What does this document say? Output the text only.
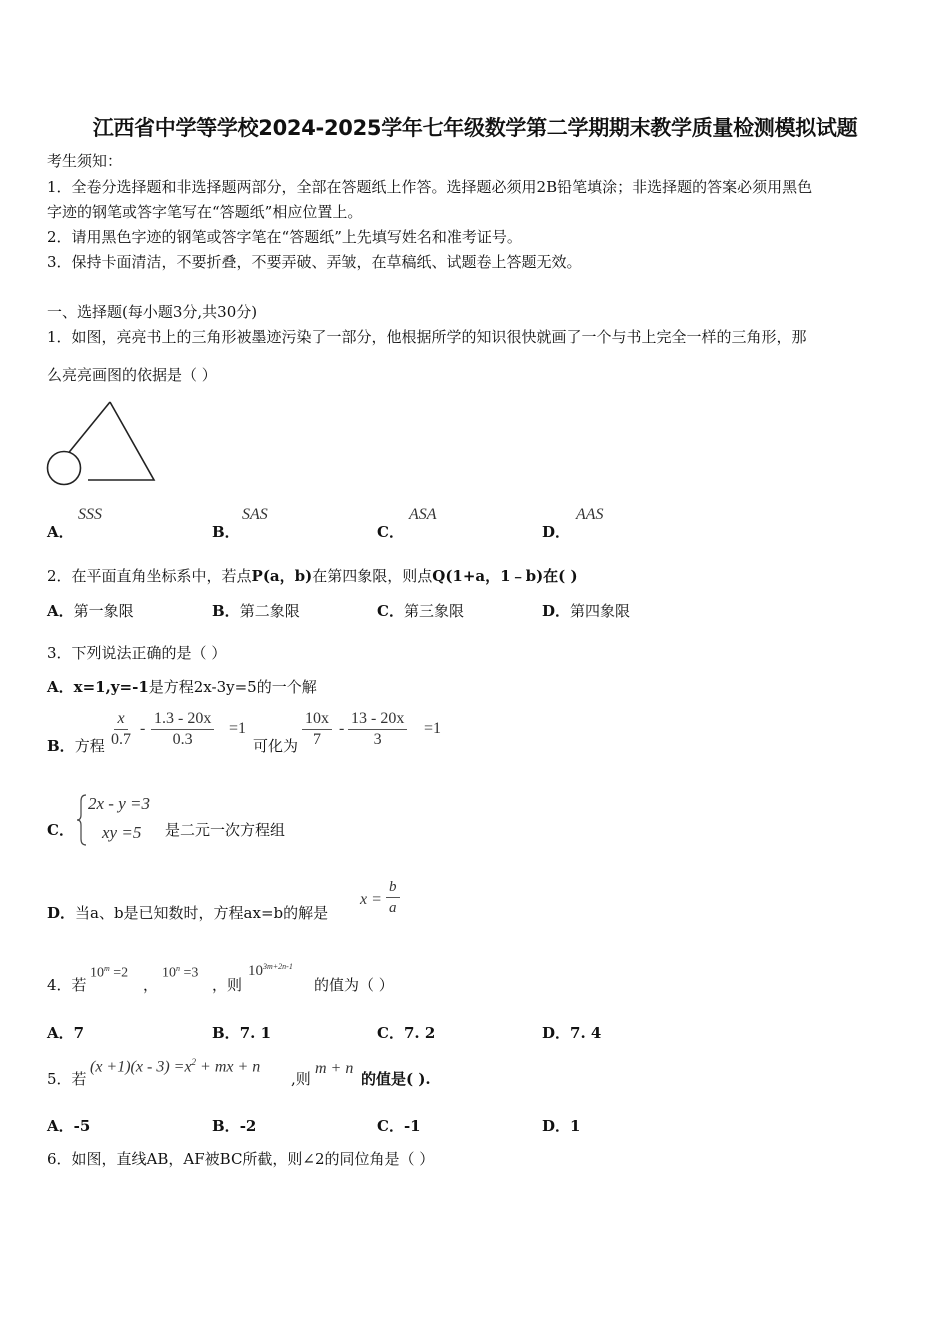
江西省中学等学校2024-2025学年七年级数学第二学期期末教学质量检测模拟试题
考生须知：
1．全卷分选择题和非选择题两部分，全部在答题纸上作答。选择题必须用2B铅笔填涂；非选择题的答案必须用黑色
字迹的钢笔或答字笔写在“答题纸”相应位置上。
2．请用黑色字迹的钢笔或答字笔在“答题纸”上先填写姓名和准考证号。
3．保持卡面清洁，不要折叠，不要弄破、弄皱，在草稿纸、试题卷上答题无效。
一、选择题(每小题3分,共30分)
1．如图，亮亮书上的三角形被墨迹污染了一部分，他根据所学的知识很快就画了一个与书上完全一样的三角形，那
么亮亮画图的依据是（ ）
A．
SSS
B．
SAS
C．
ASA
D．
AAS
2．在平面直角坐标系中，若点P(a，b)在第四象限，则点Q(1+a，1﹣b)在( )
A．第一象限	B．第二象限	C．第三象限	D．第四象限
3．下列说法正确的是（ ）
A．x=1,y=-1是方程2x-3y=5的一个解
B．方程 $\frac{x}{0.7} - \frac{1.3 - 20x}{0.3} =1$
可化为 $\frac{10x}{7} - \frac{13 - 20x}{3} =1$
C．
2x - y =3
xy =5 是二元一次方程组
D．当a、b是已知数时，方程ax=b的解是
$x = \frac{b}{a}$
4．若
$10^m =2$
，
$10^n =3$
，则
$10^{3m+2n-1}$
的值为（ ）
A．7	B．7. 1	C．7. 2	D．7. 4
5．若
$(x +1)(x - 3) =x^2$ + mx + n
,则
m + n
的值是( ).
A．-5	B．-2	C．-1	D．1
6．如图，直线AB，AF被BC所截，则∠2的同位角是（ ）
